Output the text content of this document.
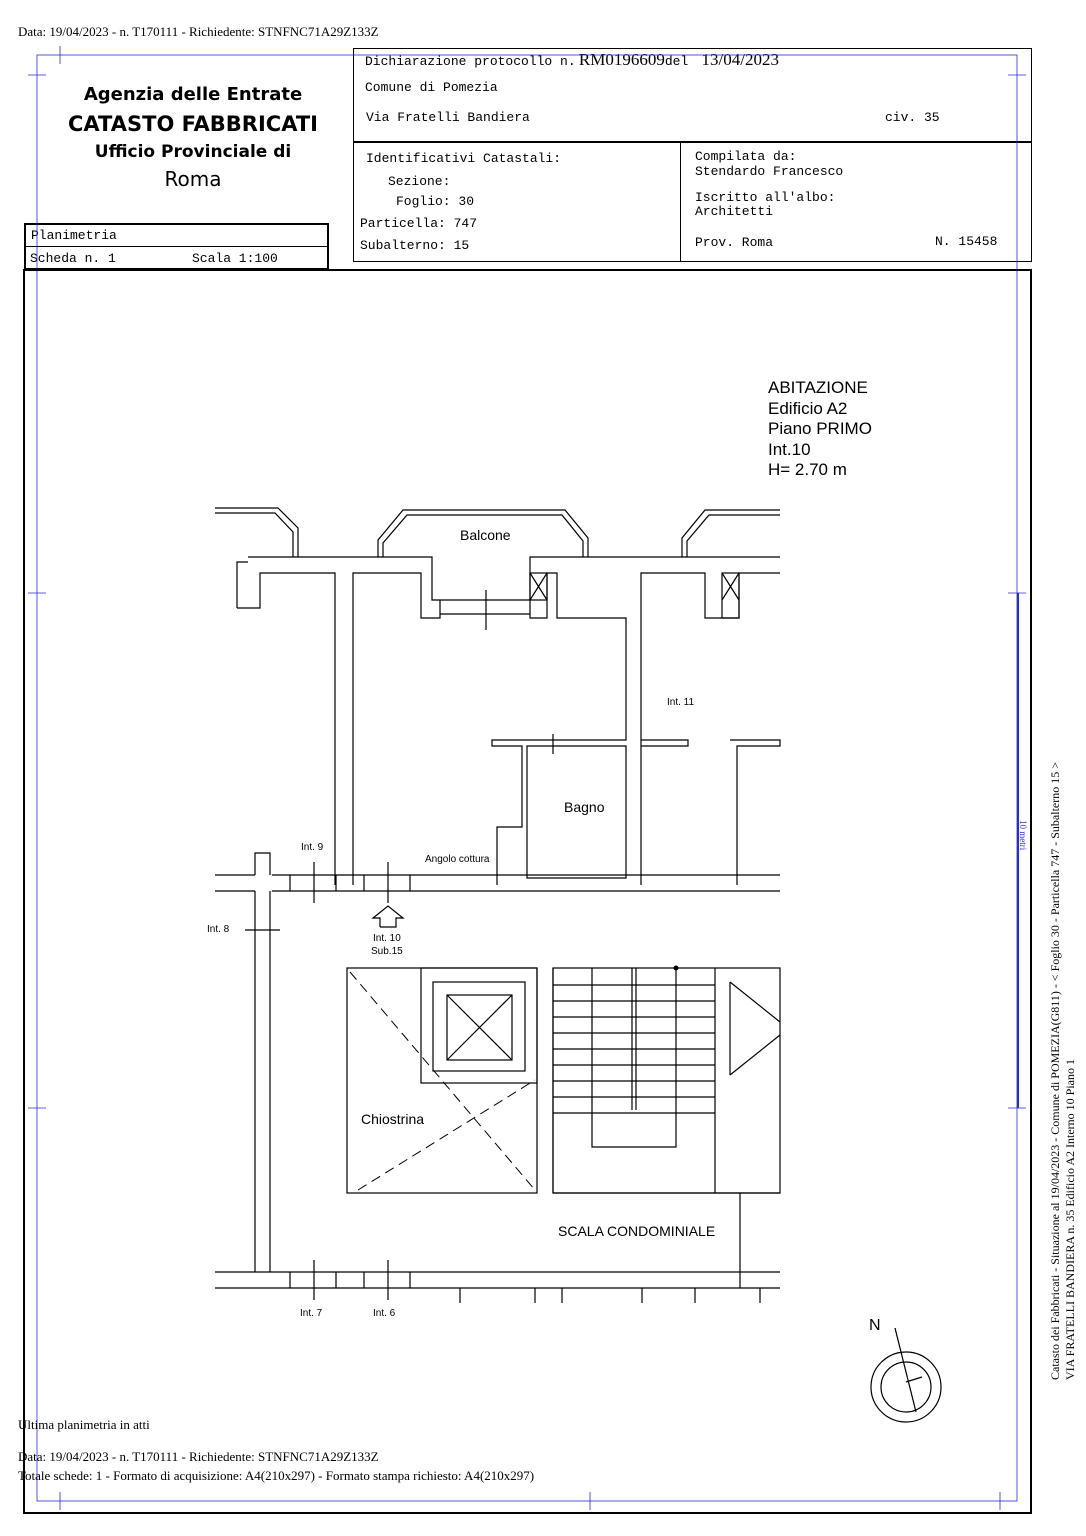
Data: 19/04/2023 - n. T170111 - Richiedente: STNFNC71A29Z133Z
Agenzia delle Entrate
CATASTO FABBRICATI
Ufficio Provinciale di
Roma
Planimetria
Scheda n. 1	Scala 1:100
Dichiarazione protocollo n. RM0196609del 13/04/2023
Comune di Pomezia
Via Fratelli Bandiera	civ. 35
Identificativi Catastali:
Sezione:
Foglio: 30
Particella: 747
Subalterno: 15
Compilata da:
Stendardo Francesco
Iscritto all'albo:
Architetti
Prov. Roma	N. 15458
ABITAZIONE
Edificio A2
Piano PRIMO
Int.10
H= 2.70 m
Balcone
Int. 11
Bagno
Int. 9
Angolo cottura
Int. 8
Int. 10
Sub.15
Chiostrina
SCALA CONDOMINIALE
Int. 7	Int. 6
N
10 metri Catasto dei Fabbricati - Situazione al 19/04/2023 - Comune di POMEZIA(G811) - < Foglio 30 - Particella 747 - Subalterno 15 > VIA FRATELLI BANDIERA n. 35 Edificio A2 Interno 10 Piano 1
Ultima planimetria in atti
Data: 19/04/2023 - n. T170111 - Richiedente: STNFNC71A29Z133Z
Totale schede: 1 - Formato di acquisizione: A4(210x297) - Formato stampa richiesto: A4(210x297)
